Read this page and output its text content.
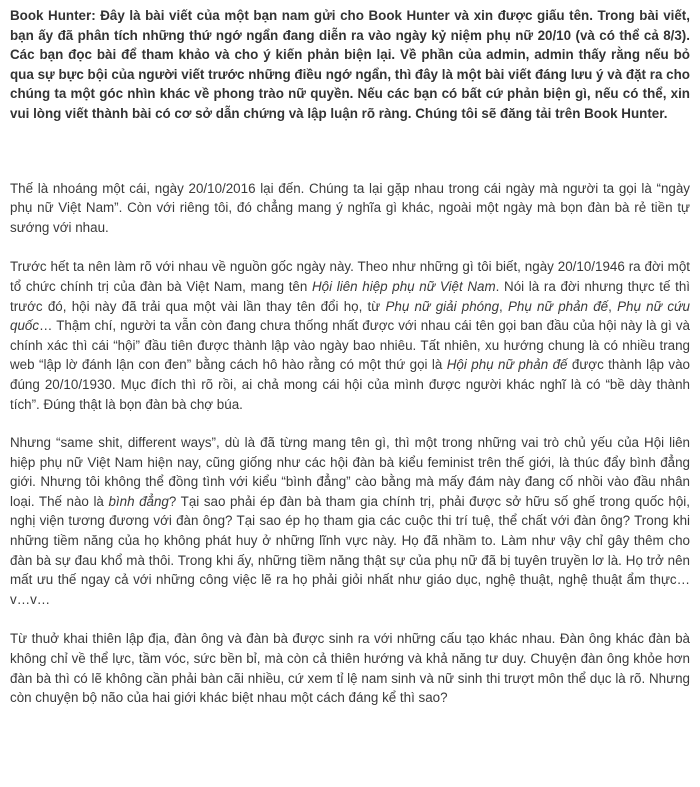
Book Hunter: Đây là bài viết của một bạn nam gửi cho Book Hunter và xin được giấu tên. Trong bài viết, bạn ấy đã phân tích những thứ ngớ ngẩn đang diễn ra vào ngày kỷ niệm phụ nữ 20/10 (và có thể cả 8/3). Các bạn đọc bài để tham khảo và cho ý kiến phản biện lại. Về phần của admin, admin thấy rằng nếu bỏ qua sự bực bội của người viết trước những điều ngớ ngẩn, thì đây là một bài viết đáng lưu ý và đặt ra cho chúng ta một góc nhìn khác về phong trào nữ quyền. Nếu các bạn có bất cứ phản biện gì, nếu có thể, xin vui lòng viết thành bài có cơ sở dẫn chứng và lập luận rõ ràng. Chúng tôi sẽ đăng tải trên Book Hunter.

Thế là nhoáng một cái, ngày 20/10/2016 lại đến. Chúng ta lại gặp nhau trong cái ngày mà người ta gọi là “ngày phụ nữ Việt Nam”. Còn với riêng tôi, đó chẳng mang ý nghĩa gì khác, ngoài một ngày mà bọn đàn bà rẻ tiền tự sướng với nhau.

Trước hết ta nên làm rõ với nhau về nguồn gốc ngày này. Theo như những gì tôi biết, ngày 20/10/1946 ra đời một tổ chức chính trị của đàn bà Việt Nam, mang tên Hội liên hiệp phụ nữ Việt Nam. Nói là ra đời nhưng thực tế thì trước đó, hội này đã trải qua một vài lần thay tên đổi họ, từ Phụ nữ giải phóng, Phụ nữ phản đế, Phụ nữ cứu quốc… Thậm chí, người ta vẫn còn đang chưa thống nhất được với nhau cái tên gọi ban đầu của hội này là gì và chính xác thì cái “hội” đầu tiên được thành lập vào ngày bao nhiêu. Tất nhiên, xu hướng chung là có nhiều trang web “lập lờ đánh lận con đen” bằng cách hô hào rằng có một thứ gọi là Hội phụ nữ phản đế được thành lập vào đúng 20/10/1930. Mục đích thì rõ rồi, ai chả mong cái hội của mình được người khác nghĩ là có “bề dày thành tích”. Đúng thật là bọn đàn bà chợ búa.

Nhưng “same shit, different ways”, dù là đã từng mang tên gì, thì một trong những vai trò chủ yếu của Hội liên hiệp phụ nữ Việt Nam hiện nay, cũng giống như các hội đàn bà kiểu feminist trên thế giới, là thúc đẩy bình đẳng giới. Nhưng tôi không thể đồng tình với kiểu “bình đẳng” cào bằng mà mấy đám này đang cố nhồi vào đầu nhân loại. Thế nào là bình đẳng? Tại sao phải ép đàn bà tham gia chính trị, phải được sở hữu số ghế trong quốc hội, nghị viện tương đương với đàn ông? Tại sao ép họ tham gia các cuộc thi trí tuệ, thể chất với đàn ông? Trong khi những tiềm năng của họ không phát huy ở những lĩnh vực này. Họ đã nhầm to. Làm như vậy chỉ gây thêm cho đàn bà sự đau khổ mà thôi. Trong khi ấy, những tiềm năng thật sự của phụ nữ đã bị tuyên truyền lơ là. Họ trở nên mất ưu thế ngay cả với những công việc lẽ ra họ phải giỏi nhất như giáo dục, nghệ thuật, nghệ thuật ẩm thực…v…v…

Từ thuở khai thiên lập địa, đàn ông và đàn bà được sinh ra với những cấu tạo khác nhau. Đàn ông khác đàn bà không chỉ về thể lực, tầm vóc, sức bền bỉ, mà còn cả thiên hướng và khả năng tư duy. Chuyện đàn ông khỏe hơn đàn bà thì có lẽ không cần phải bàn cãi nhiều, cứ xem tỉ lệ nam sinh và nữ sinh thi trượt môn thể dục là rõ. Nhưng còn chuyện bộ não của hai giới khác biệt nhau một cách đáng kể thì sao?
